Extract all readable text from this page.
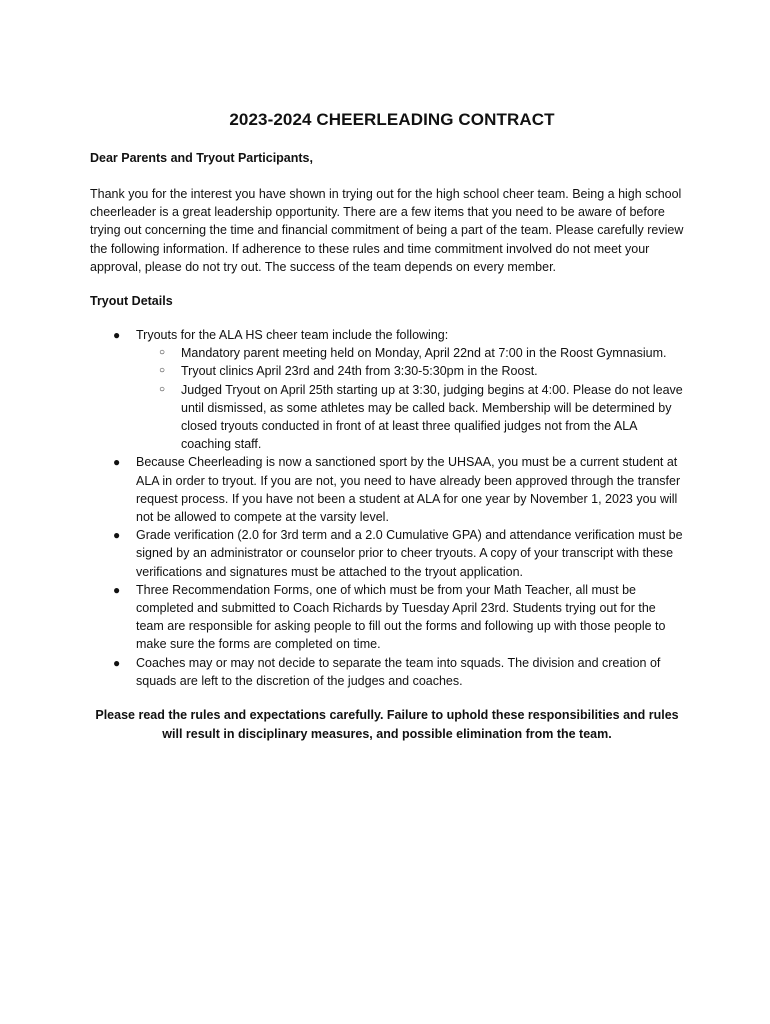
2023-2024 CHEERLEADING CONTRACT

Dear Parents and Tryout Participants,

Thank you for the interest you have shown in trying out for the high school cheer team. Being a high school cheerleader is a great leadership opportunity. There are a few items that you need to be aware of before trying out concerning the time and financial commitment of being a part of the team. Please carefully review the following information. If adherence to these rules and time commitment involved do not meet your approval, please do not try out. The success of the team depends on every member.

Tryout Details

● Tryouts for the ALA HS cheer team include the following:
○ Mandatory parent meeting held on Monday, April 22nd at 7:00 in the Roost Gymnasium.
○ Tryout clinics April 23rd and 24th from 3:30-5:30pm in the Roost.
○ Judged Tryout on April 25th starting up at 3:30, judging begins at 4:00. Please do not leave until dismissed, as some athletes may be called back. Membership will be determined by closed tryouts conducted in front of at least three qualified judges not from the ALA coaching staff.
● Because Cheerleading is now a sanctioned sport by the UHSAA, you must be a current student at ALA in order to tryout. If you are not, you need to have already been approved through the transfer request process. If you have not been a student at ALA for one year by November 1, 2023 you will not be allowed to compete at the varsity level.
● Grade verification (2.0 for 3rd term and a 2.0 Cumulative GPA) and attendance verification must be signed by an administrator or counselor prior to cheer tryouts. A copy of your transcript with these verifications and signatures must be attached to the tryout application.
● Three Recommendation Forms, one of which must be from your Math Teacher, all must be completed and submitted to Coach Richards by Tuesday April 23rd. Students trying out for the team are responsible for asking people to fill out the forms and following up with those people to make sure the forms are completed on time.
● Coaches may or may not decide to separate the team into squads. The division and creation of squads are left to the discretion of the judges and coaches.

Please read the rules and expectations carefully. Failure to uphold these responsibilities and rules will result in disciplinary measures, and possible elimination from the team.
